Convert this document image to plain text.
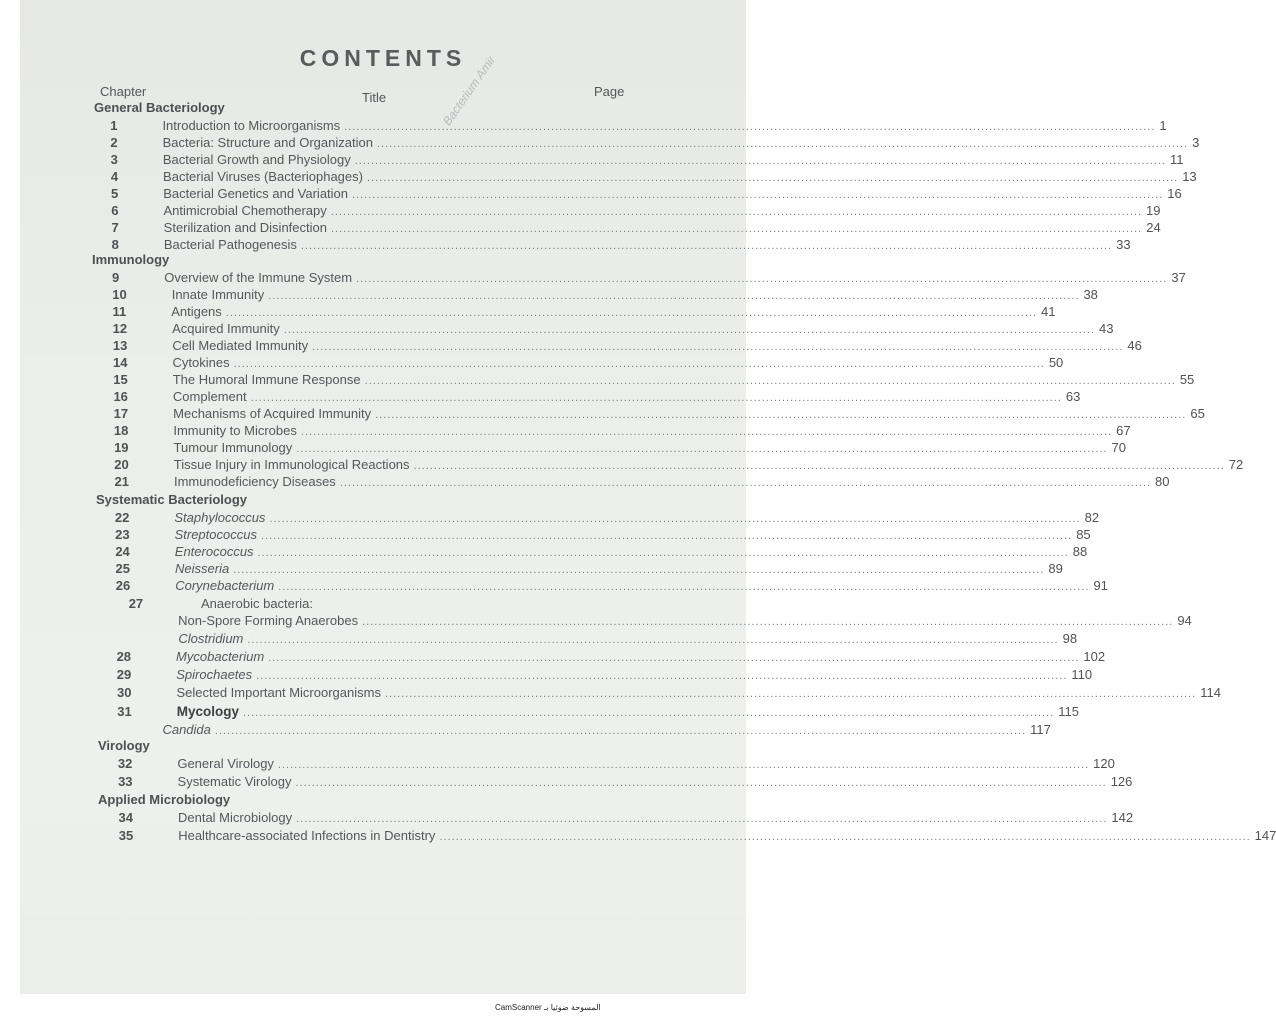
CONTENTS
Chapter	Title	Page
Bacterium Amir
General Bacteriology
1	Introduction to Microorganisms ........................................................................................................................................................................................................ 1
2	Bacteria: Structure and Organization ........................................................................................................................................................................................................ 3
3	Bacterial Growth and Physiology ........................................................................................................................................................................................................ 11
4	Bacterial Viruses (Bacteriophages) ........................................................................................................................................................................................................ 13
5	Bacterial Genetics and Variation ........................................................................................................................................................................................................ 16
6	Antimicrobial Chemotherapy ........................................................................................................................................................................................................ 19
7	Sterilization and Disinfection ........................................................................................................................................................................................................ 24
8	Bacterial Pathogenesis ........................................................................................................................................................................................................ 33
Immunology
9	Overview of the Immune System ........................................................................................................................................................................................................ 37
10	Innate Immunity ........................................................................................................................................................................................................ 38
11	Antigens ........................................................................................................................................................................................................ 41
12	Acquired Immunity ........................................................................................................................................................................................................ 43
13	Cell Mediated Immunity ........................................................................................................................................................................................................ 46
14	Cytokines ........................................................................................................................................................................................................ 50
15	The Humoral Immune Response ........................................................................................................................................................................................................ 55
16	Complement ........................................................................................................................................................................................................ 63
17	Mechanisms of Acquired Immunity ........................................................................................................................................................................................................ 65
18	Immunity to Microbes ........................................................................................................................................................................................................ 67
19	Tumour Immunology ........................................................................................................................................................................................................ 70
20	Tissue Injury in Immunological Reactions ........................................................................................................................................................................................................ 72
21	Immunodeficiency Diseases ........................................................................................................................................................................................................ 80
Systematic Bacteriology
22	Staphylococcus ........................................................................................................................................................................................................ 82
23	Streptococcus ........................................................................................................................................................................................................ 85
24	Enterococcus ........................................................................................................................................................................................................ 88
25	Neisseria ........................................................................................................................................................................................................ 89
26	Corynebacterium ........................................................................................................................................................................................................ 91
27	Anaerobic bacteria:
Non-Spore Forming Anaerobes ........................................................................................................................................................................................................ 94
Clostridium ........................................................................................................................................................................................................ 98
28	Mycobacterium ........................................................................................................................................................................................................ 102
29	Spirochaetes ........................................................................................................................................................................................................ 110
30	Selected Important Microorganisms ........................................................................................................................................................................................................ 114
31	Mycology ........................................................................................................................................................................................................ 115
Candida ........................................................................................................................................................................................................ 117
Virology
32	General Virology ........................................................................................................................................................................................................ 120
33	Systematic Virology ........................................................................................................................................................................................................ 126
Applied Microbiology
34	Dental Microbiology ........................................................................................................................................................................................................ 142
35	Healthcare-associated Infections in Dentistry ........................................................................................................................................................................................................ 147
CamScanner المسوحة ضوئيا بـ
